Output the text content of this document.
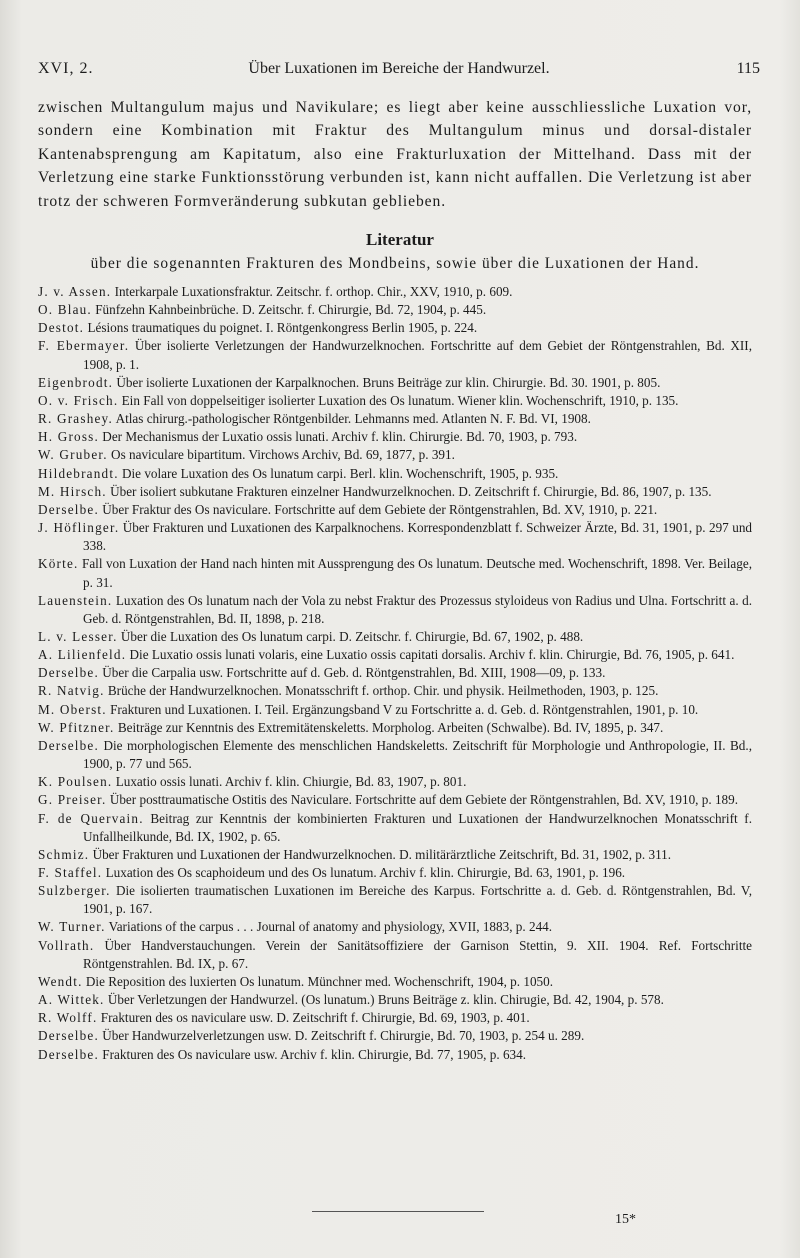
XVI, 2.	Über Luxationen im Bereiche der Handwurzel.	115
zwischen Multangulum majus und Navikulare; es liegt aber keine ausschliessliche Luxation vor, sondern eine Kombination mit Fraktur des Multangulum minus und dorsal-distaler Kantenabsprengung am Kapitatum, also eine Frakturluxation der Mittelhand. Dass mit der Verletzung eine starke Funktionsstörung verbunden ist, kann nicht auffallen. Die Verletzung ist aber trotz der schweren Formveränderung subkutan geblieben.
Literatur
über die sogenannten Frakturen des Mondbeins, sowie über die Luxationen der Hand.
J. v. Assen. Interkarpale Luxationsfraktur. Zeitschr. f. orthop. Chir., XXV, 1910, p. 609.
O. Blau. Fünfzehn Kahnbeinbrüche. D. Zeitschr. f. Chirurgie, Bd. 72, 1904, p. 445.
Destot. Lésions traumatiques du poignet. I. Röntgenkongress Berlin 1905, p. 224.
F. Ebermayer. Über isolierte Verletzungen der Handwurzelknochen. Fortschritte auf dem Gebiet der Röntgenstrahlen, Bd. XII, 1908, p. 1.
Eigenbrodt. Über isolierte Luxationen der Karpalknochen. Bruns Beiträge zur klin. Chirurgie. Bd. 30. 1901, p. 805.
O. v. Frisch. Ein Fall von doppelseitiger isolierter Luxation des Os lunatum. Wiener klin. Wochenschrift, 1910, p. 135.
R. Grashey. Atlas chirurg.-pathologischer Röntgenbilder. Lehmanns med. Atlanten N. F. Bd. VI, 1908.
H. Gross. Der Mechanismus der Luxatio ossis lunati. Archiv f. klin. Chirurgie. Bd. 70, 1903, p. 793.
W. Gruber. Os naviculare bipartitum. Virchows Archiv, Bd. 69, 1877, p. 391.
Hildebrandt. Die volare Luxation des Os lunatum carpi. Berl. klin. Wochenschrift, 1905, p. 935.
M. Hirsch. Über isoliert subkutane Frakturen einzelner Handwurzelknochen. D. Zeitschrift f. Chirurgie, Bd. 86, 1907, p. 135.
Derselbe. Über Fraktur des Os naviculare. Fortschritte auf dem Gebiete der Röntgenstrahlen, Bd. XV, 1910, p. 221.
J. Höflinger. Über Frakturen und Luxationen des Karpalknochens. Korrespondenzblatt f. Schweizer Ärzte, Bd. 31, 1901, p. 297 und 338.
Körte. Fall von Luxation der Hand nach hinten mit Aussprengung des Os lunatum. Deutsche med. Wochenschrift, 1898. Ver. Beilage, p. 31.
Lauenstein. Luxation des Os lunatum nach der Vola zu nebst Fraktur des Prozessus styloideus von Radius und Ulna. Fortschritt a. d. Geb. d. Röntgenstrahlen, Bd. II, 1898, p. 218.
L. v. Lesser. Über die Luxation des Os lunatum carpi. D. Zeitschr. f. Chirurgie, Bd. 67, 1902, p. 488.
A. Lilienfeld. Die Luxatio ossis lunati volaris, eine Luxatio ossis capitati dorsalis. Archiv f. klin. Chirurgie, Bd. 76, 1905, p. 641.
Derselbe. Über die Carpalia usw. Fortschritte auf d. Geb. d. Röntgenstrahlen, Bd. XIII, 1908—09, p. 133.
R. Natvig. Brüche der Handwurzelknochen. Monatsschrift f. orthop. Chir. und physik. Heilmethoden, 1903, p. 125.
M. Oberst. Frakturen und Luxationen. I. Teil. Ergänzungsband V zu Fortschritte a. d. Geb. d. Röntgenstrahlen, 1901, p. 10.
W. Pfitzner. Beiträge zur Kenntnis des Extremitätenskeletts. Morpholog. Arbeiten (Schwalbe). Bd. IV, 1895, p. 347.
Derselbe. Die morphologischen Elemente des menschlichen Handskeletts. Zeitschrift für Morphologie und Anthropologie, II. Bd., 1900, p. 77 und 565.
K. Poulsen. Luxatio ossis lunati. Archiv f. klin. Chiurgie, Bd. 83, 1907, p. 801.
G. Preiser. Über posttraumatische Ostitis des Naviculare. Fortschritte auf dem Gebiete der Röntgenstrahlen, Bd. XV, 1910, p. 189.
F. de Quervain. Beitrag zur Kenntnis der kombinierten Frakturen und Luxationen der Handwurzelknochen Monatsschrift f. Unfallheilkunde, Bd. IX, 1902, p. 65.
Schmiz. Über Frakturen und Luxationen der Handwurzelknochen. D. militärärztliche Zeitschrift, Bd. 31, 1902, p. 311.
F. Staffel. Luxation des Os scaphoideum und des Os lunatum. Archiv f. klin. Chirurgie, Bd. 63, 1901, p. 196.
Sulzberger. Die isolierten traumatischen Luxationen im Bereiche des Karpus. Fortschritte a. d. Geb. d. Röntgenstrahlen, Bd. V, 1901, p. 167.
W. Turner. Variations of the carpus . . . Journal of anatomy and physiology, XVII, 1883, p. 244.
Vollrath. Über Handverstauchungen. Verein der Sanitätsoffiziere der Garnison Stettin, 9. XII. 1904. Ref. Fortschritte Röntgenstrahlen. Bd. IX, p. 67.
Wendt. Die Reposition des luxierten Os lunatum. Münchner med. Wochenschrift, 1904, p. 1050.
A. Wittek. Über Verletzungen der Handwurzel. (Os lunatum.) Bruns Beiträge z. klin. Chirugie, Bd. 42, 1904, p. 578.
R. Wolff. Frakturen des os naviculare usw. D. Zeitschrift f. Chirurgie, Bd. 69, 1903, p. 401.
Derselbe. Über Handwurzelverletzungen usw. D. Zeitschrift f. Chirurgie, Bd. 70, 1903, p. 254 u. 289.
Derselbe. Frakturen des Os naviculare usw. Archiv f. klin. Chirurgie, Bd. 77, 1905, p. 634.
15*
